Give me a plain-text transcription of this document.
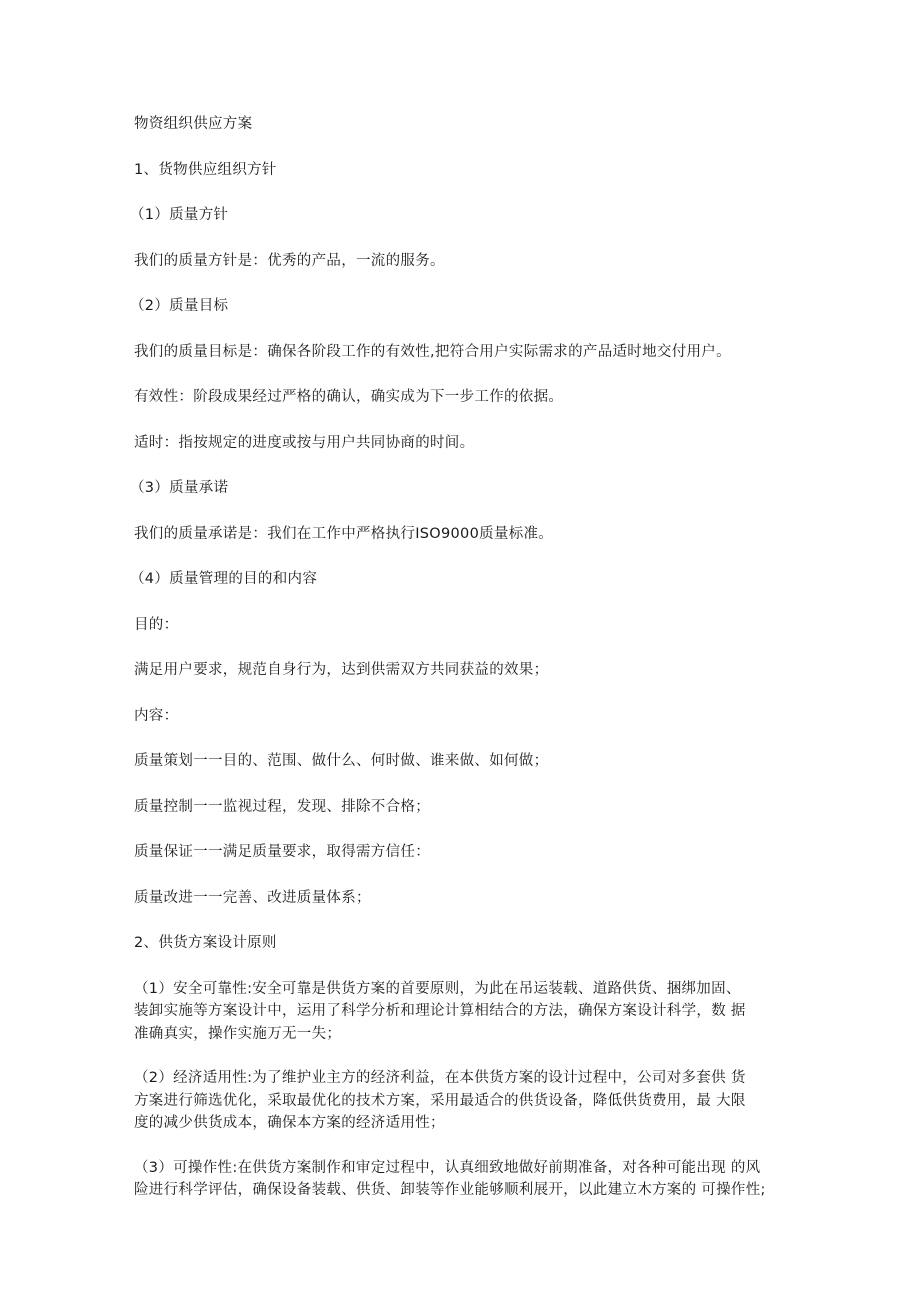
物资组织供应方案
1、货物供应组织方针
（1）质量方针
我们的质量方针是：优秀的产品，一流的服务。
（2）质量目标
我们的质量目标是：确保各阶段工作的有效性,把符合用户实际需求的产品适时地交付用户。
有效性：阶段成果经过严格的确认，确实成为下一步工作的依据。
适时：指按规定的进度或按与用户共同协商的时间。
（3）质量承诺
我们的质量承诺是：我们在工作中严格执行ISO9000质量标准。
（4）质量管理的目的和内容
目的：
满足用户要求，规范自身行为，达到供需双方共同获益的效果；
内容：
质量策划一一目的、范围、做什么、何时做、谁来做、如何做；
质量控制一一监视过程，发现、排除不合格；
质量保证一一满足质量要求，取得需方信任：
质量改进一一完善、改进质量体系；
2、供货方案设计原则
（1）安全可靠性:安全可靠是供货方案的首要原则，为此在吊运装载、道路供货、捆绑加固、
装卸实施等方案设计中，运用了科学分析和理论计算相结合的方法，确保方案设计科学，数 据
准确真实，操作实施万无一失；
（2）经济适用性:为了维护业主方的经济利益，在本供货方案的设计过程中，公司对多套供 货
方案进行筛选优化，采取最优化的技术方案，采用最适合的供货设备，降低供货费用，最 大限
度的减少供货成本，确保本方案的经济适用性；
（3）可操作性:在供货方案制作和审定过程中，认真细致地做好前期准备，对各种可能出现 的风
险进行科学评估，确保设备装载、供货、卸装等作业能够顺利展开，以此建立木方案的 可操作性;
